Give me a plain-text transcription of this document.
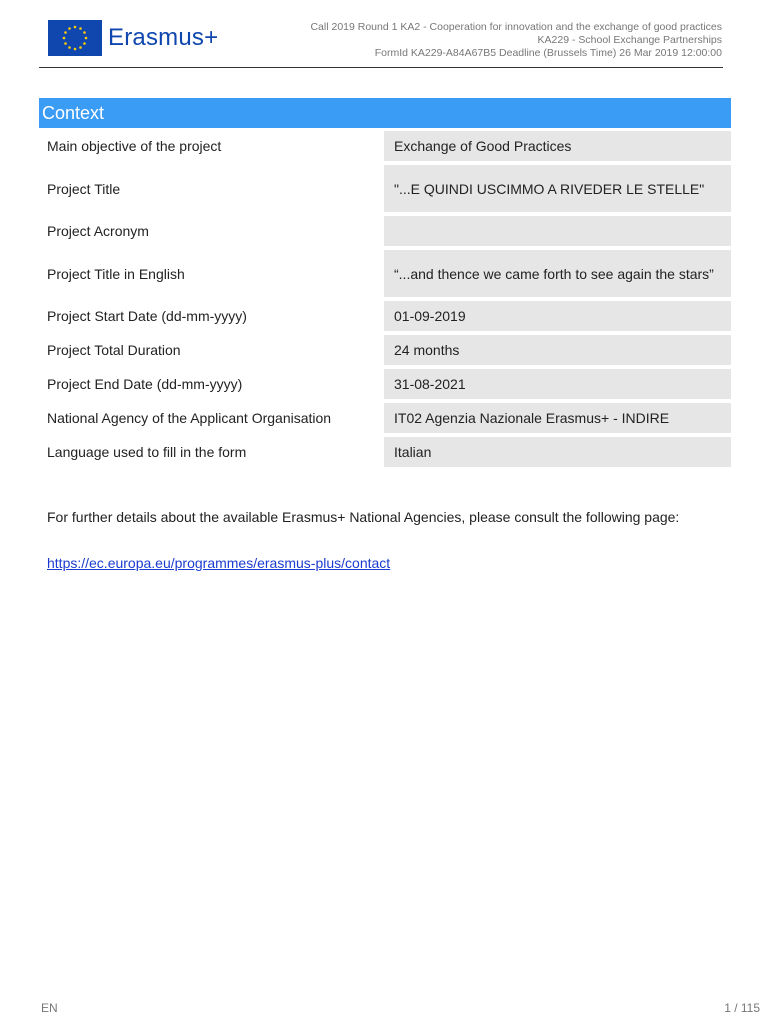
Erasmus+	Call 2019 Round 1 KA2 - Cooperation for innovation and the exchange of good practices
KA229 - School Exchange Partnerships
FormId KA229-A84A67B5 Deadline (Brussels Time) 26 Mar 2019 12:00:00
Context
Main objective of the project	Exchange of Good Practices
Project Title	"...E QUINDI USCIMMO A RIVEDER LE STELLE"
Project Acronym
Project Title in English	“...and thence we came forth to see again the stars”
Project Start Date (dd-mm-yyyy)	01-09-2019
Project Total Duration	24 months
Project End Date (dd-mm-yyyy)	31-08-2021
National Agency of the Applicant Organisation	IT02 Agenzia Nazionale Erasmus+ - INDIRE
Language used to fill in the form	Italian
For further details about the available Erasmus+ National Agencies, please consult the following page:
https://ec.europa.eu/programmes/erasmus-plus/contact
EN	1 / 115
